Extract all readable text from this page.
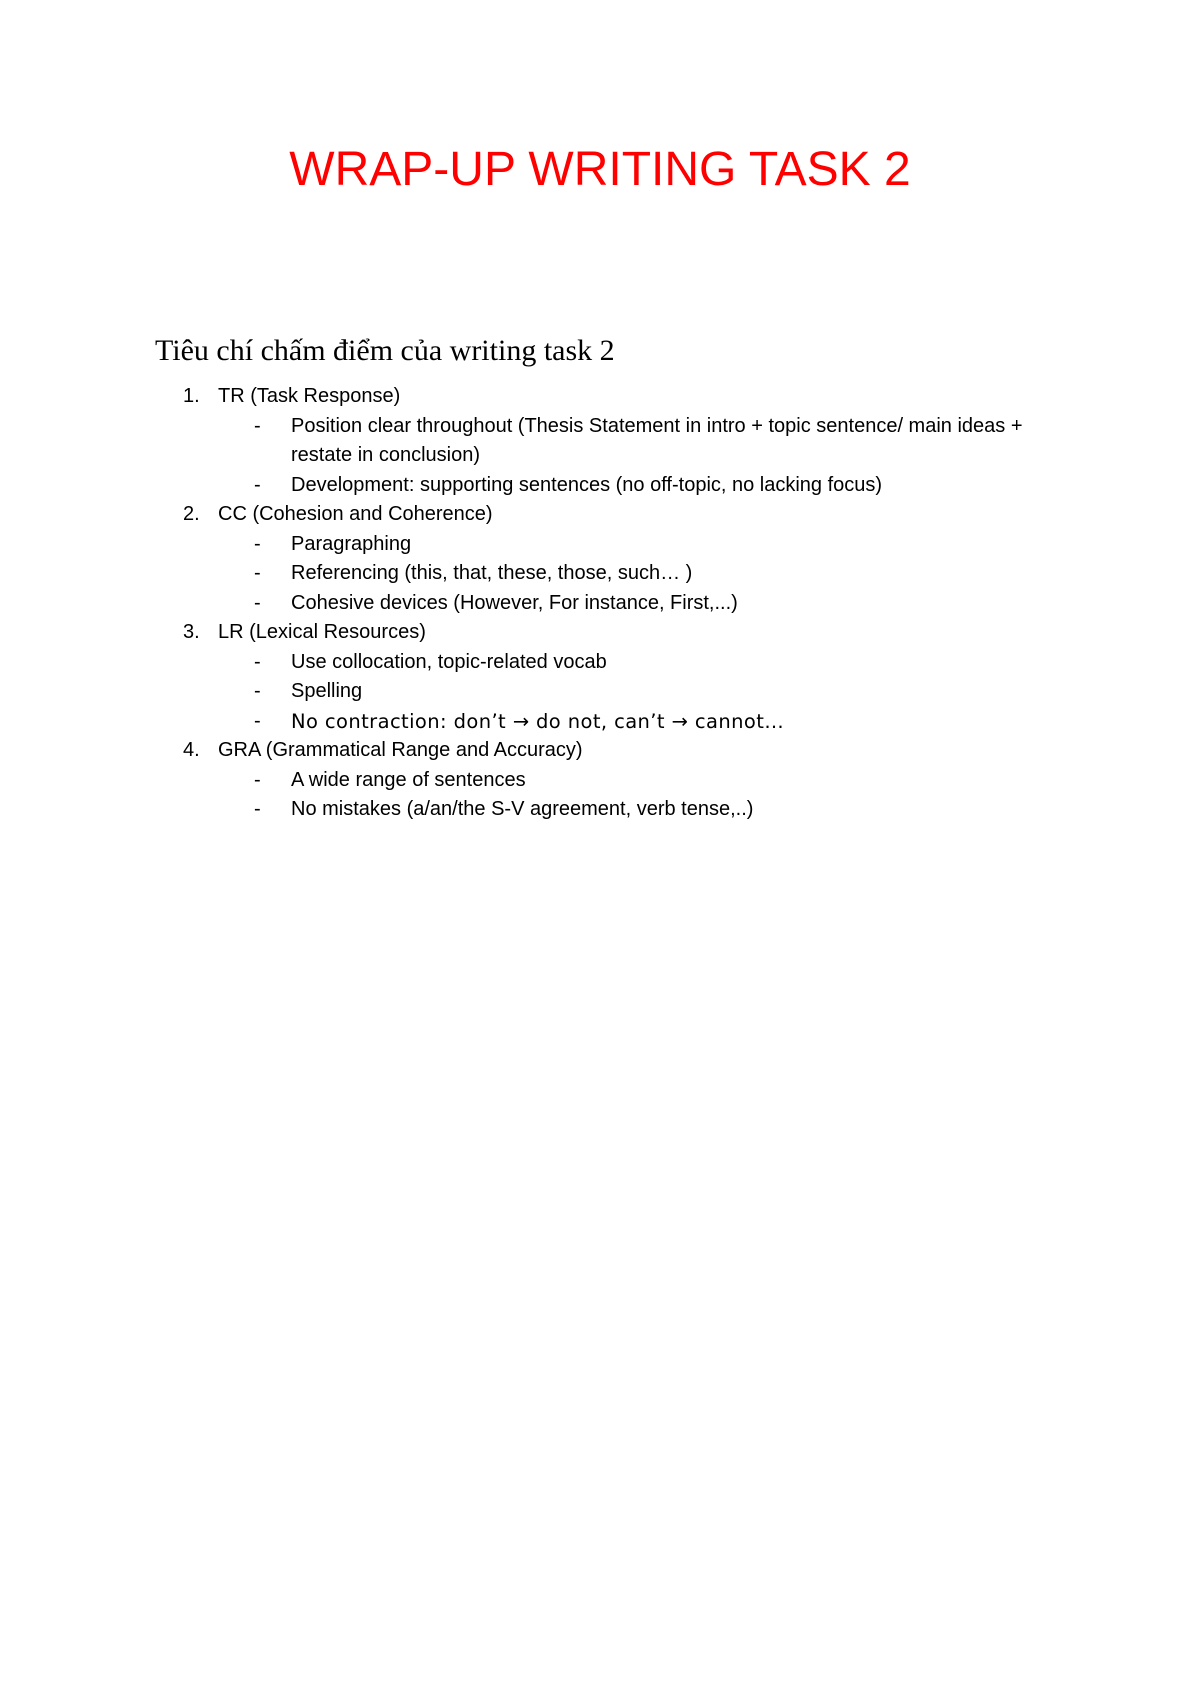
WRAP-UP WRITING TASK 2
Tiêu chí chấm điểm của writing task 2
1. TR (Task Response)
- Position clear throughout (Thesis Statement in intro + topic sentence/ main ideas + restate in conclusion)
- Development: supporting sentences (no off-topic, no lacking focus)
2. CC (Cohesion and Coherence)
- Paragraphing
- Referencing (this, that, these, those, such… )
- Cohesive devices (However, For instance, First,...)
3. LR (Lexical Resources)
- Use collocation, topic-related vocab
- Spelling
- No contraction: don’t → do not, can’t → cannot…
4. GRA (Grammatical Range and Accuracy)
- A wide range of sentences
- No mistakes (a/an/the S-V agreement, verb tense,..)
